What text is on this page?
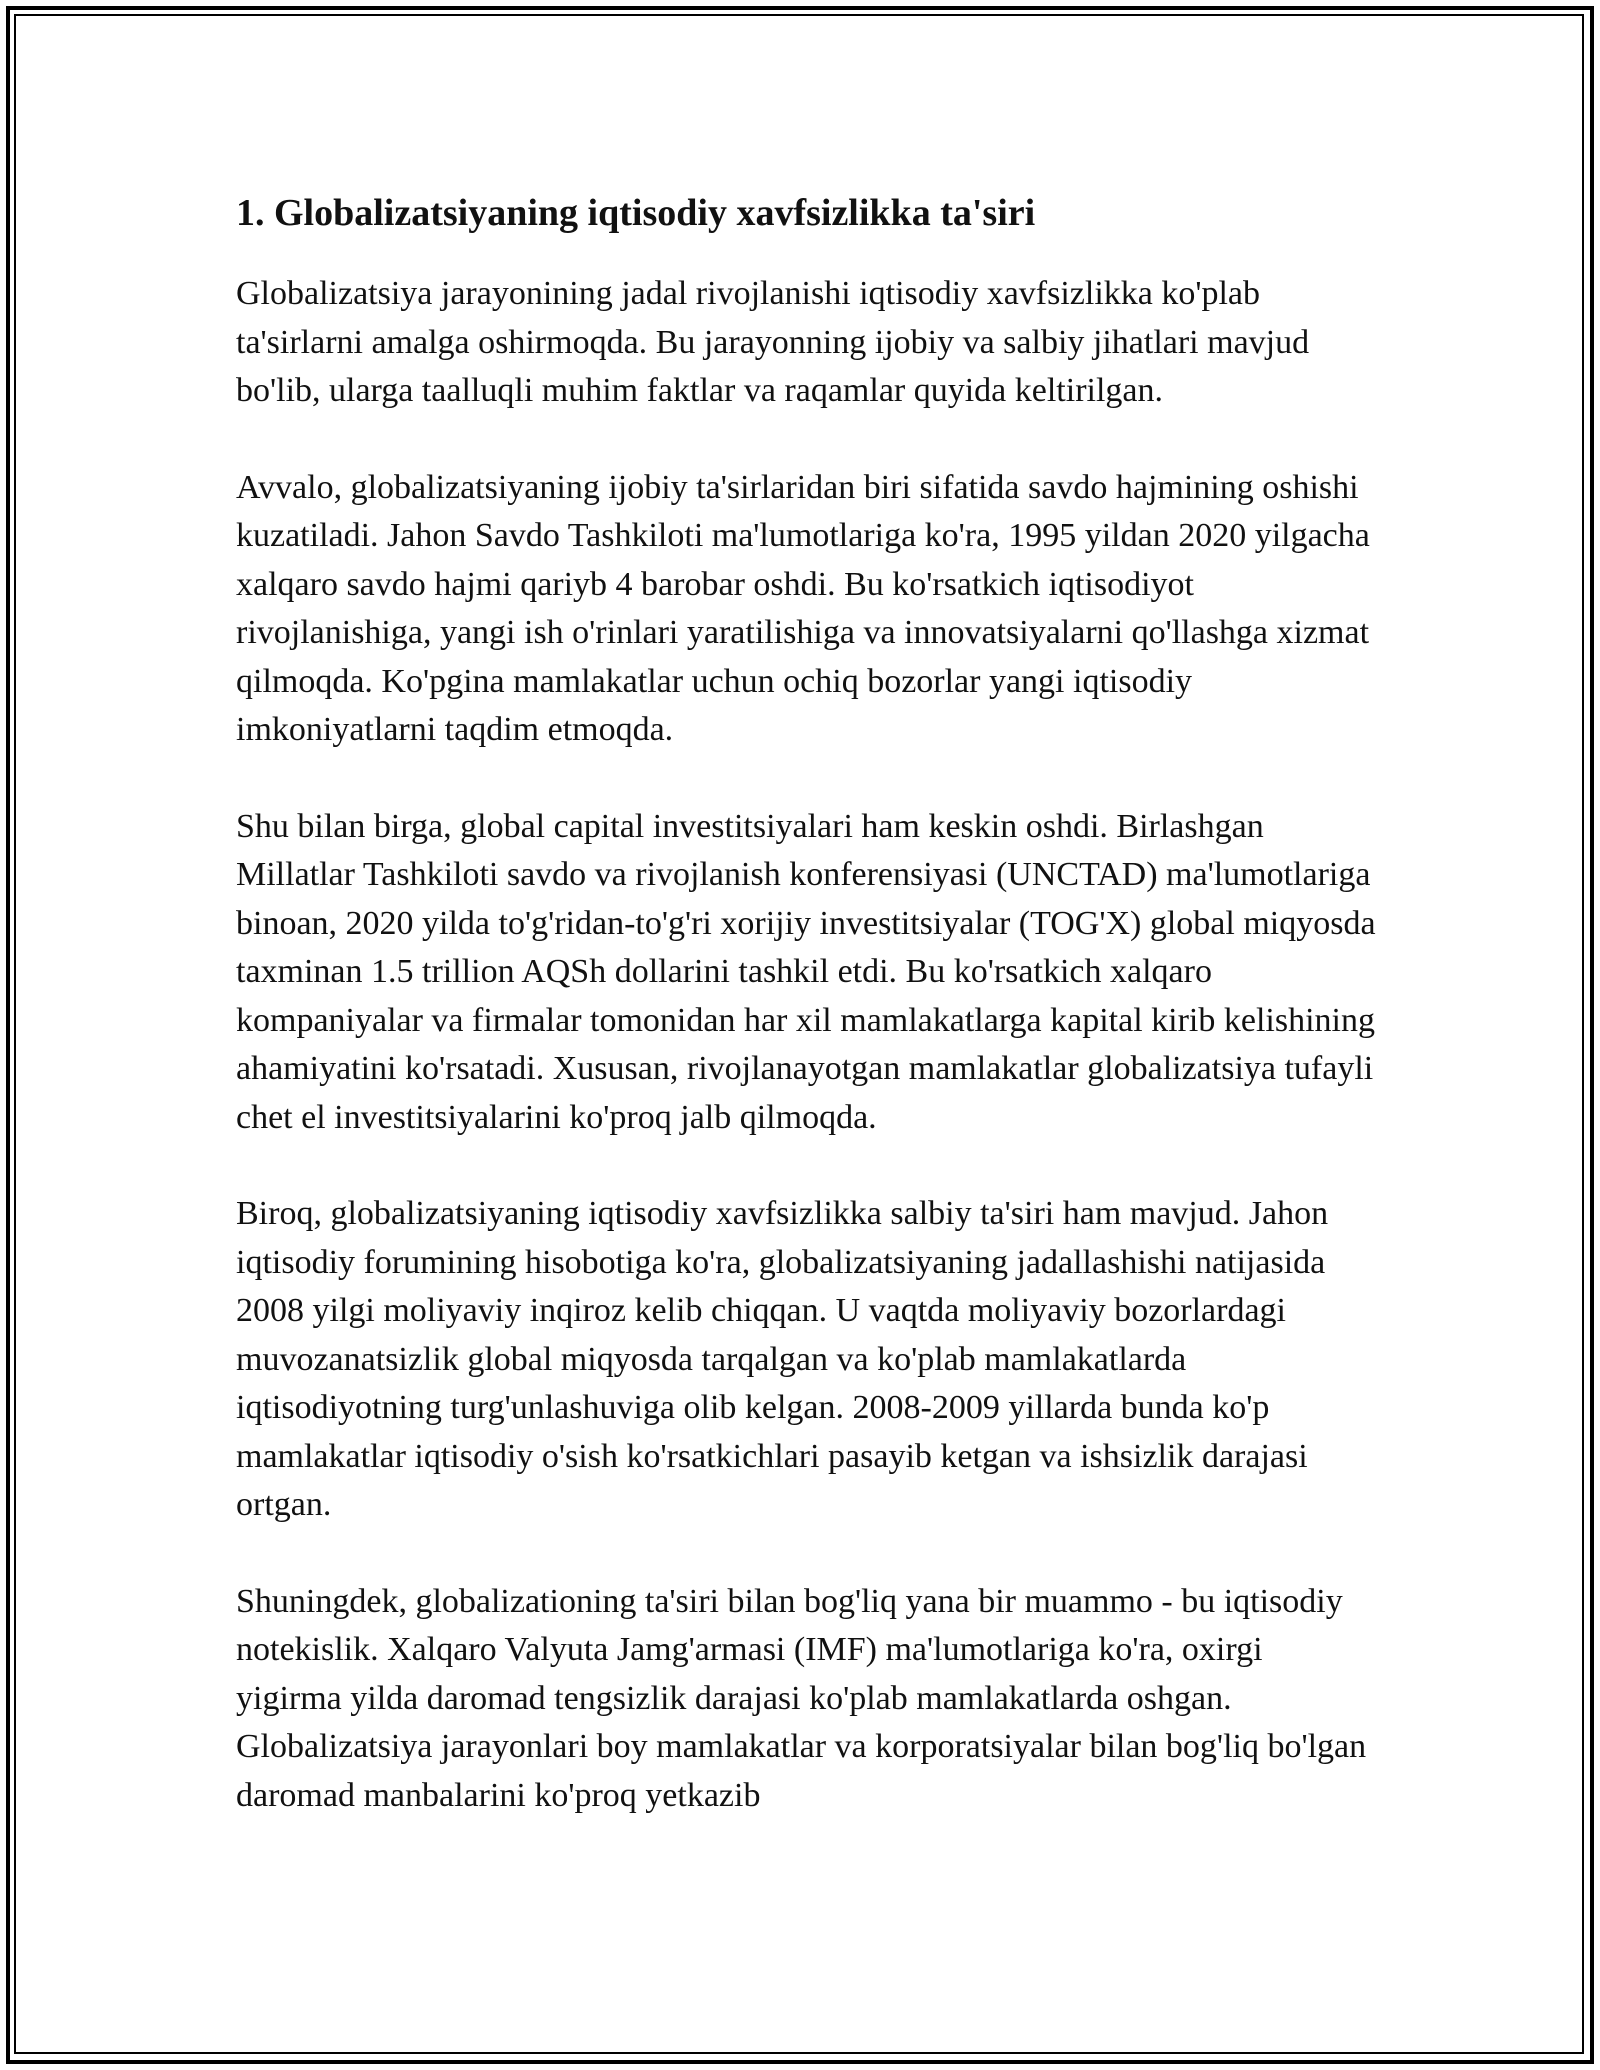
1. Globalizatsiyaning iqtisodiy xavfsizlikka ta'siri

Globalizatsiya jarayonining jadal rivojlanishi iqtisodiy xavfsizlikka ko'plab ta'sirlarni amalga oshirmoqda. Bu jarayonning ijobiy va salbiy jihatlari mavjud bo'lib, ularga taalluqli muhim faktlar va raqamlar quyida keltirilgan.

Avvalo, globalizatsiyaning ijobiy ta'sirlaridan biri sifatida savdo hajmining oshishi kuzatiladi. Jahon Savdo Tashkiloti ma'lumotlariga ko'ra, 1995 yildan 2020 yilgacha xalqaro savdo hajmi qariyb 4 barobar oshdi. Bu ko'rsatkich iqtisodiyot rivojlanishiga, yangi ish o'rinlari yaratilishiga va innovatsiyalarni qo'llashga xizmat qilmoqda. Ko'pgina mamlakatlar uchun ochiq bozorlar yangi iqtisodiy imkoniyatlarni taqdim etmoqda.

Shu bilan birga, global capital investitsiyalari ham keskin oshdi. Birlashgan Millatlar Tashkiloti savdo va rivojlanish konferensiyasi (UNCTAD) ma'lumotlariga binoan, 2020 yilda to'g'ridan-to'g'ri xorijiy investitsiyalar (TOG'X) global miqyosda taxminan 1.5 trillion AQSh dollarini tashkil etdi. Bu ko'rsatkich xalqaro kompaniyalar va firmalar tomonidan har xil mamlakatlarga kapital kirib kelishining ahamiyatini ko'rsatadi. Xususan, rivojlanayotgan mamlakatlar globalizatsiya tufayli chet el investitsiyalarini ko'proq jalb qilmoqda.

Biroq, globalizatsiyaning iqtisodiy xavfsizlikka salbiy ta'siri ham mavjud. Jahon iqtisodiy forumining hisobotiga ko'ra, globalizatsiyaning jadallashishi natijasida 2008 yilgi moliyaviy inqiroz kelib chiqqan. U vaqtda moliyaviy bozorlardagi muvozanatsizlik global miqyosda tarqalgan va ko'plab mamlakatlarda iqtisodiyotning turg'unlashuviga olib kelgan. 2008-2009 yillarda bunda ko'p mamlakatlar iqtisodiy o'sish ko'rsatkichlari pasayib ketgan va ishsizlik darajasi ortgan.

Shuningdek, globalizationing ta'siri bilan bog'liq yana bir muammo - bu iqtisodiy notekislik. Xalqaro Valyuta Jamg'armasi (IMF) ma'lumotlariga ko'ra, oxirgi yigirma yilda daromad tengsizlik darajasi ko'plab mamlakatlarda oshgan. Globalizatsiya jarayonlari boy mamlakatlar va korporatsiyalar bilan bog'liq bo'lgan daromad manbalarini ko'proq yetkazib
